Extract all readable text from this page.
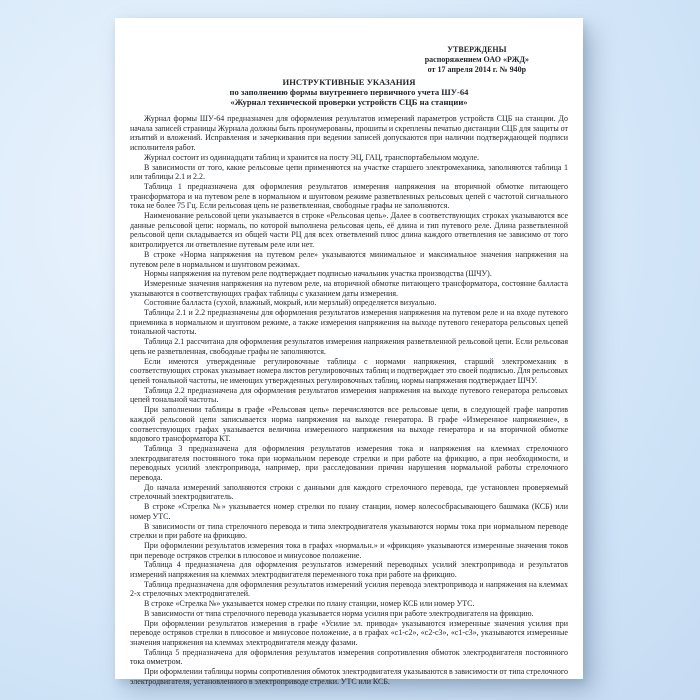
УТВЕРЖДЕНЫ
распоряжением ОАО «РЖД»
от 17 апреля 2014 г. № 940р
ИНСТРУКТИВНЫЕ УКАЗАНИЯ
по заполнению формы внутреннего первичного учета ШУ-64
«Журнал технической проверки устройств СЦБ на станции»

Журнал формы ШУ-64 предназначен для оформления результатов измерений параметров устройств СЦБ на станции. До начала записей страницы Журнала должны быть пронумерованы, прошиты и скреплены печатью дистанции СЦБ для защиты от изъятий и вложений. Исправления и зачеркивания при ведении записей допускаются при наличии подтверждающей подписи исполнителя работ.

Журнал состоит из одиннадцати таблиц и хранится на посту ЭЦ, ГАЦ, транспортабельном модуле.

В зависимости от того, какие рельсовые цепи применяются на участке старшего электромеханика, заполняются таблица 1 или таблицы 2.1 и 2.2.

Таблица 1 предназначена для оформления результатов измерения напряжения на вторичной обмотке питающего трансформатора и на путевом реле в нормальном и шунтовом режиме разветвленных рельсовых цепей с частотой сигнального тока не более 75 Гц. Если рельсовая цепь не разветвленная, свободные графы не заполняются.

Наименование рельсовой цепи указывается в строке «Рельсовая цепь». Далее в соответствующих строках указываются все данные рельсовой цепи: нормаль, по которой выполнена рельсовая цепь, её длина и тип путевого реле. Длина разветвленной рельсовой цепи складывается из общей части РЦ для всех ответвлений плюс длина каждого ответвления не зависимо от того контролируется ли ответвление путевым реле или нет.

В строке «Норма напряжения на путевом реле» указываются минимальное и максимальное значения напряжения на путевом реле в нормальном и шунтовом режимах.

Нормы напряжения на путевом реле подтверждает подписью начальник участка производства (ШЧУ).

Измеренные значения напряжения на путевом реле, на вторичной обмотке питающего трансформатора, состояние балласта указываются в соответствующих графах таблицы с указанием даты измерения.

Состояние балласта (сухой, влажный, мокрый, или мерзлый) определяется визуально.

Таблицы 2.1 и 2.2 предназначены для оформления результатов измерения напряжения на путевом реле и на входе путевого приемника в нормальном и шунтовом режиме, а также измерения напряжения на выходе путевого генератора рельсовых цепей тональной частоты.

Таблица 2.1 рассчитана для оформления результатов измерения напряжения разветвленной рельсовой цепи. Если рельсовая цепь не разветвленная, свободные графы не заполняются.

Если имеются утвержденные регулировочные таблицы с нормами напряжения, старший электромеханик в соответствующих строках указывает номера листов регулировочных таблиц и подтверждает это своей подписью. Для рельсовых цепей тональной частоты, не имеющих утвержденных регулировочных таблиц, нормы напряжения подтверждает ШЧУ.

Таблица 2.2 предназначена для оформления результатов измерения напряжения на выходе путевого генератора рельсовых цепей тональной частоты.

При заполнении таблицы в графе «Рельсовая цепь» перечисляются все рельсовые цепи, в следующей графе напротив каждой рельсовой цепи записывается норма напряжения на выходе генератора. В графе «Измеренное напряжение», в соответствующих графах указывается величина измеренного напряжения на выходе генератора и на вторичной обмотке кодового трансформатора КТ.

Таблица 3 предназначена для оформления результатов измерения тока и напряжения на клеммах стрелочного электродвигателя постоянного тока при нормальном переводе стрелки и при работе на фрикцию, а при необходимости, и переводных усилий электропривода, например, при расследовании причин нарушения нормальной работы стрелочного перевода.

До начала измерений заполняются строки с данными для каждого стрелочного перевода, где установлен проверяемый стрелочный электродвигатель.

В строке «Стрелка №» указывается номер стрелки по плану станции, номер колесосбрасывающего башмака (КСБ) или номер УТС.

В зависимости от типа стрелочного перевода и типа электродвигателя указываются нормы тока при нормальном переводе стрелки и при работе на фрикцию.

При оформлении результатов измерения тока в графах «нормальн.» и «фрикция» указываются измеренные значения токов при переводе остряков стрелки в плюсовое и минусовое положение.

Таблица 4 предназначена для оформления результатов измерений переводных усилий электропривода и результатов измерений напряжения на клеммах электродвигателя переменного тока при работе на фрикцию.

Таблица предназначена для оформления результатов измерений усилия перевода электропривода и напряжения на клеммах 2-х стрелочных электродвигателей.

В строке «Стрелка №» указывается номер стрелки по плану станции, номер КСБ или номер УТС.

В зависимости от типа стрелочного перевода указывается норма усилия при работе электродвигателя на фрикцию.

При оформлении результатов измерения в графе «Усилие эл. привода» указываются измеренные значения усилия при переводе остряков стрелки в плюсовое и минусовое положение, а в графах «с1-с2», «с2-с3», «с1-с3», указываются измеренные значения напряжения на клеммах электродвигателя между фазами.

Таблица 5 предназначена для оформления результатов измерения сопротивления обмоток электродвигателя постоянного тока омметром.

При оформлении таблицы нормы сопротивления обмоток электродвигателя указываются в зависимости от типа стрелочного электродвигателя, установленного в электроприводе стрелки. УТС или КСБ.
